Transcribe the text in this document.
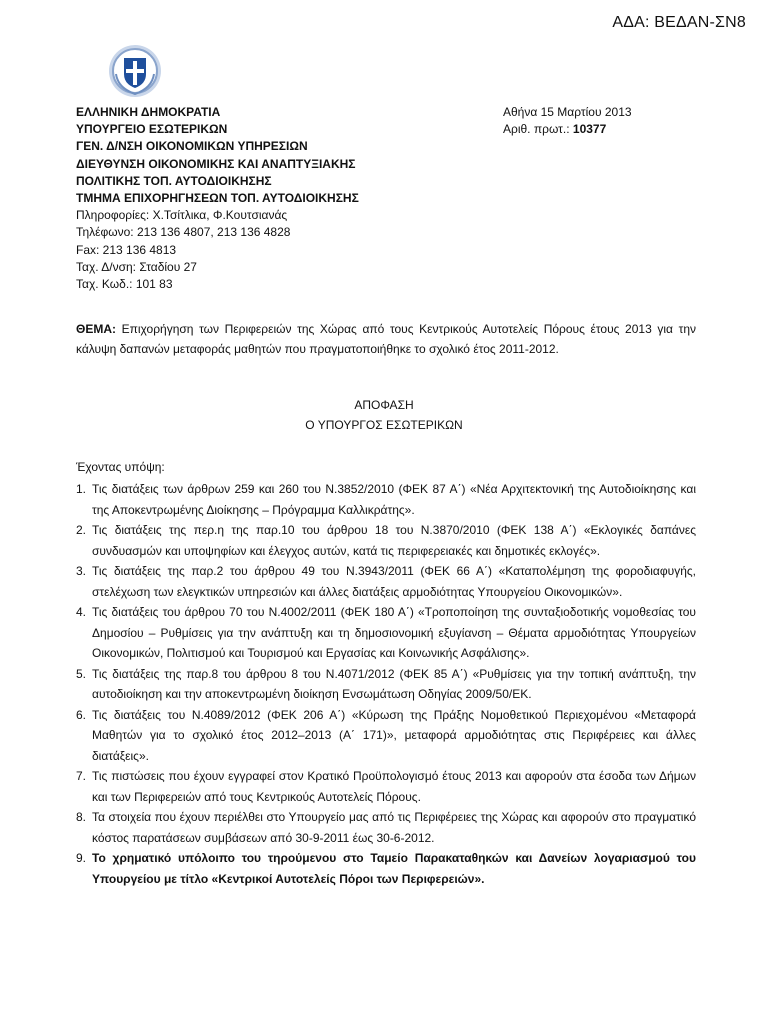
ΑΔΑ: ΒΕΔΑΝ-ΣΝ8
ΕΛΛΗΝΙΚΗ ΔΗΜΟΚΡΑΤΙΑ
ΥΠΟΥΡΓΕΙΟ ΕΣΩΤΕΡΙΚΩΝ
ΓΕΝ. Δ/ΝΣΗ ΟΙΚΟΝΟΜΙΚΩΝ ΥΠΗΡΕΣΙΩΝ
ΔΙΕΥΘΥΝΣΗ ΟΙΚΟΝΟΜΙΚΗΣ ΚΑΙ ΑΝΑΠΤΥΞΙΑΚΗΣ
ΠΟΛΙΤΙΚΗΣ ΤΟΠ. ΑΥΤΟΔΙΟΙΚΗΣΗΣ
ΤΜΗΜΑ ΕΠΙΧΟΡΗΓΗΣΕΩΝ ΤΟΠ. ΑΥΤΟΔΙΟΙΚΗΣΗΣ
Πληροφορίες: Χ.Τσίτλικα, Φ.Κουτσιανάς
Τηλέφωνο: 213 136 4807, 213 136 4828
Fax: 213 136 4813
Ταχ. Δ/νση: Σταδίου 27
Ταχ. Κωδ.: 101 83
Αθήνα 15 Μαρτίου 2013
Αριθ. πρωτ.: 10377
ΘΕΜΑ: Επιχορήγηση των Περιφερειών της Χώρας από τους Κεντρικούς Αυτοτελείς Πόρους έτους 2013 για την κάλυψη δαπανών μεταφοράς μαθητών που πραγματοποιήθηκε το σχολικό έτος 2011-2012.
ΑΠΟΦΑΣΗ
Ο ΥΠΟΥΡΓΟΣ ΕΣΩΤΕΡΙΚΩΝ
Έχοντας υπόψη:
1. Τις διατάξεις των άρθρων 259 και 260 του Ν.3852/2010 (ΦΕΚ 87 Α΄) «Νέα Αρχιτεκτονική της Αυτοδιοίκησης και της Αποκεντρωμένης Διοίκησης – Πρόγραμμα Καλλικράτης».
2. Τις διατάξεις της περ.η της παρ.10 του άρθρου 18 του Ν.3870/2010 (ΦΕΚ 138 Α΄) «Εκλογικές δαπάνες συνδυασμών και υποψηφίων και έλεγχος αυτών, κατά τις περιφερειακές και δημοτικές εκλογές».
3. Τις διατάξεις της παρ.2 του άρθρου 49 του Ν.3943/2011 (ΦΕΚ 66 Α΄) «Καταπολέμηση της φοροδιαφυγής, στελέχωση των ελεγκτικών υπηρεσιών και άλλες διατάξεις αρμοδιότητας Υπουργείου Οικονομικών».
4. Τις διατάξεις του άρθρου 70 του Ν.4002/2011 (ΦΕΚ 180 Α΄) «Τροποποίηση της συνταξιοδοτικής νομοθεσίας του Δημοσίου – Ρυθμίσεις για την ανάπτυξη και τη δημοσιονομική εξυγίανση – Θέματα αρμοδιότητας Υπουργείων Οικονομικών, Πολιτισμού και Τουρισμού και Εργασίας και Κοινωνικής Ασφάλισης».
5. Τις διατάξεις της παρ.8 του άρθρου 8 του Ν.4071/2012 (ΦΕΚ 85 Α΄) «Ρυθμίσεις για την τοπική ανάπτυξη, την αυτοδιοίκηση και την αποκεντρωμένη διοίκηση Ενσωμάτωση Οδηγίας 2009/50/ΕΚ.
6. Τις διατάξεις του Ν.4089/2012 (ΦΕΚ 206 Α΄) «Κύρωση της Πράξης Νομοθετικού Περιεχομένου «Μεταφορά Μαθητών για το σχολικό έτος 2012–2013 (Α΄ 171)», μεταφορά αρμοδιότητας στις Περιφέρειες και άλλες διατάξεις».
7. Τις πιστώσεις που έχουν εγγραφεί στον Κρατικό Προϋπολογισμό έτους 2013 και αφορούν στα έσοδα των Δήμων και των Περιφερειών από τους Κεντρικούς Αυτοτελείς Πόρους.
8. Τα στοιχεία που έχουν περιέλθει στο Υπουργείο μας από τις Περιφέρειες της Χώρας και αφορούν στο πραγματικό κόστος παρατάσεων συμβάσεων από 30-9-2011 έως 30-6-2012.
9. Το χρηματικό υπόλοιπο του τηρούμενου στο Ταμείο Παρακαταθηκών και Δανείων λογαριασμού του Υπουργείου με τίτλο «Κεντρικοί Αυτοτελείς Πόροι των Περιφερειών».
